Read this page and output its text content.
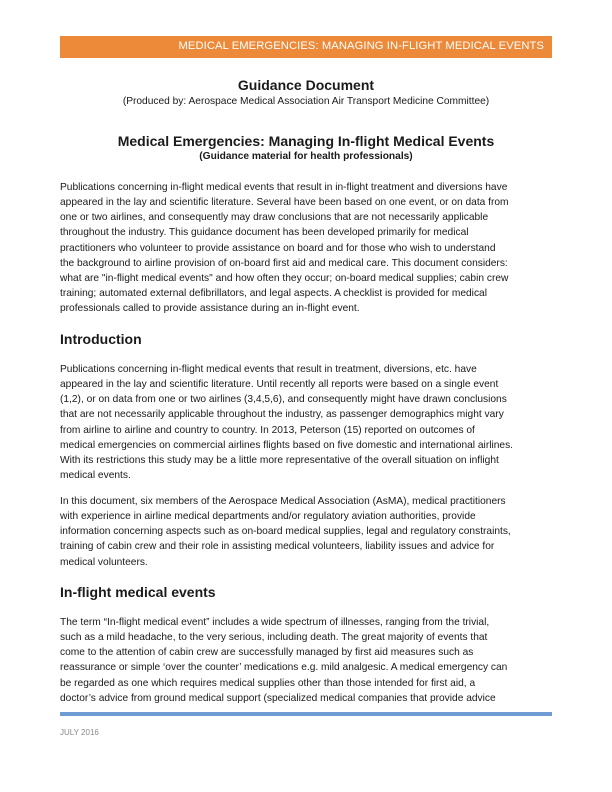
MEDICAL EMERGENCIES: MANAGING IN-FLIGHT MEDICAL EVENTS
Guidance Document
(Produced by: Aerospace Medical Association Air Transport Medicine Committee)
Medical Emergencies: Managing In-flight Medical Events
(Guidance material for health professionals)
Publications concerning in-flight medical events that result in in-flight treatment and diversions have
appeared in the lay and scientific literature. Several have been based on one event, or on data from
one or two airlines, and consequently may draw conclusions that are not necessarily applicable
throughout the industry. This guidance document has been developed primarily for medical
practitioners who volunteer to provide assistance on board and for those who wish to understand
the background to airline provision of on-board first aid and medical care. This document considers:
what are "in-flight medical events" and how often they occur; on-board medical supplies; cabin crew
training; automated external defibrillators, and legal aspects. A checklist is provided for medical
professionals called to provide assistance during an in-flight event.
Introduction
Publications concerning in-flight medical events that result in treatment, diversions, etc. have
appeared in the lay and scientific literature. Until recently all reports were based on a single event
(1,2), or on data from one or two airlines (3,4,5,6), and consequently might have drawn conclusions
that are not necessarily applicable throughout the industry, as passenger demographics might vary
from airline to airline and country to country. In 2013, Peterson (15) reported on outcomes of
medical emergencies on commercial airlines flights based on five domestic and international airlines.
With its restrictions this study may be a little more representative of the overall situation on inflight
medical events.
In this document, six members of the Aerospace Medical Association (AsMA), medical practitioners
with experience in airline medical departments and/or regulatory aviation authorities, provide
information concerning aspects such as on-board medical supplies, legal and regulatory constraints,
training of cabin crew and their role in assisting medical volunteers, liability issues and advice for
medical volunteers.
In-flight medical events
The term “In-flight medical event” includes a wide spectrum of illnesses, ranging from the trivial,
such as a mild headache, to the very serious, including death. The great majority of events that
come to the attention of cabin crew are successfully managed by first aid measures such as
reassurance or simple ‘over the counter’ medications e.g. mild analgesic. A medical emergency can
be regarded as one which requires medical supplies other than those intended for first aid, a
doctor’s advice from ground medical support (specialized medical companies that provide advice
JULY 2016
